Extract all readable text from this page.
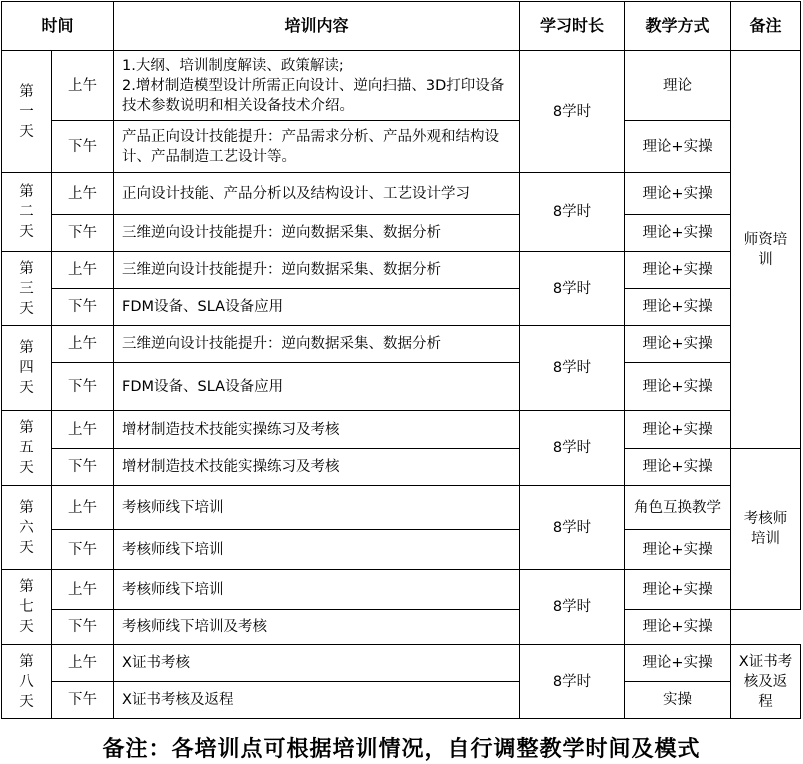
时间		培训内容	学习时长	教学方式	备注

第
一
天	上午	1.大纲、培训制度解读、政策解读;
2.增材制造模型设计所需正向设计、逆向扫描、3D打印设备技术参数说明和相关设备技术介绍。	8学时	理论	师资培训
	下午	产品正向设计技能提升：产品需求分析、产品外观和结构设计、产品制造工艺设计等。		理论+实操	

第
二
天	上午	正向设计技能、产品分析以及结构设计、工艺设计学习	8学时	理论+实操	
	下午	三维逆向设计技能提升：逆向数据采集、数据分析		理论+实操	

第
三
天	上午	三维逆向设计技能提升：逆向数据采集、数据分析	8学时	理论+实操	
	下午	FDM设备、SLA设备应用		理论+实操	

第
四
天	上午	三维逆向设计技能提升：逆向数据采集、数据分析	8学时	理论+实操	
	下午	FDM设备、SLA设备应用		理论+实操	

第
五
天	上午	增材制造技术技能实操练习及考核	8学时	理论+实操	
	下午	增材制造技术技能实操练习及考核		理论+实操	考核师培训

第
六
天	上午	考核师线下培训	8学时	角色互换教学	
	下午	考核师线下培训		理论+实操	

第
七
天	上午	考核师线下培训	8学时	理论+实操	
	下午	考核师线下培训及考核		理论+实操	

第
八
天	上午	X证书考核	8学时	理论+实操	X证书考核及返程
	下午	X证书考核及返程		实操	
备注：各培训点可根据培训情况，自行调整教学时间及模式
